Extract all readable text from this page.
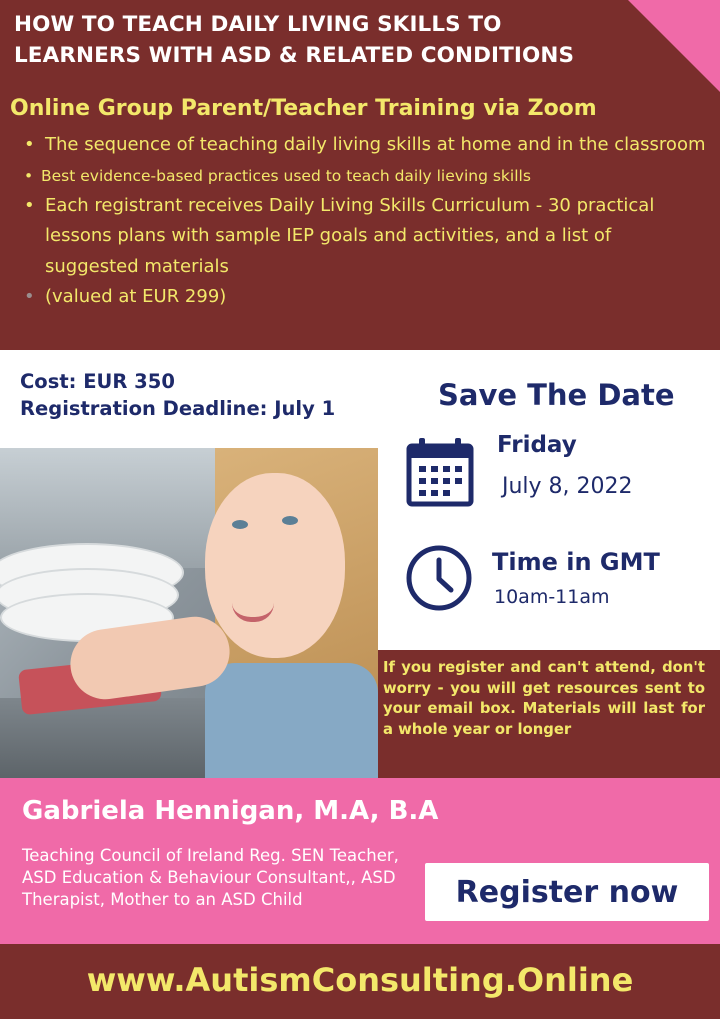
HOW TO TEACH DAILY LIVING SKILLS TO
LEARNERS WITH ASD & RELATED CONDITIONS
Online Group Parent/Teacher Training via Zoom
• The sequence of teaching daily living skills at home and in the classroom
• Best evidence-based practices used to teach daily lieving skills
• Each registrant receives Daily Living Skills Curriculum - 30 practical lessons plans with sample IEP goals and activities, and a list of suggested materials
• (valued at EUR 299)
Cost: EUR 350
Registration Deadline: July 1	Save The Date
Friday
July 8, 2022
Time in GMT
10am-11am

If you register and can't attend, don't worry - you will get resources sent to your email box. Materials will last for a whole year or longer

Gabriela Hennigan, M.A, B.A
Teaching Council of Ireland Reg. SEN Teacher, ASD Education & Behaviour Consultant,, ASD Therapist, Mother to an ASD Child	Register now
www.AutismConsulting.Online
